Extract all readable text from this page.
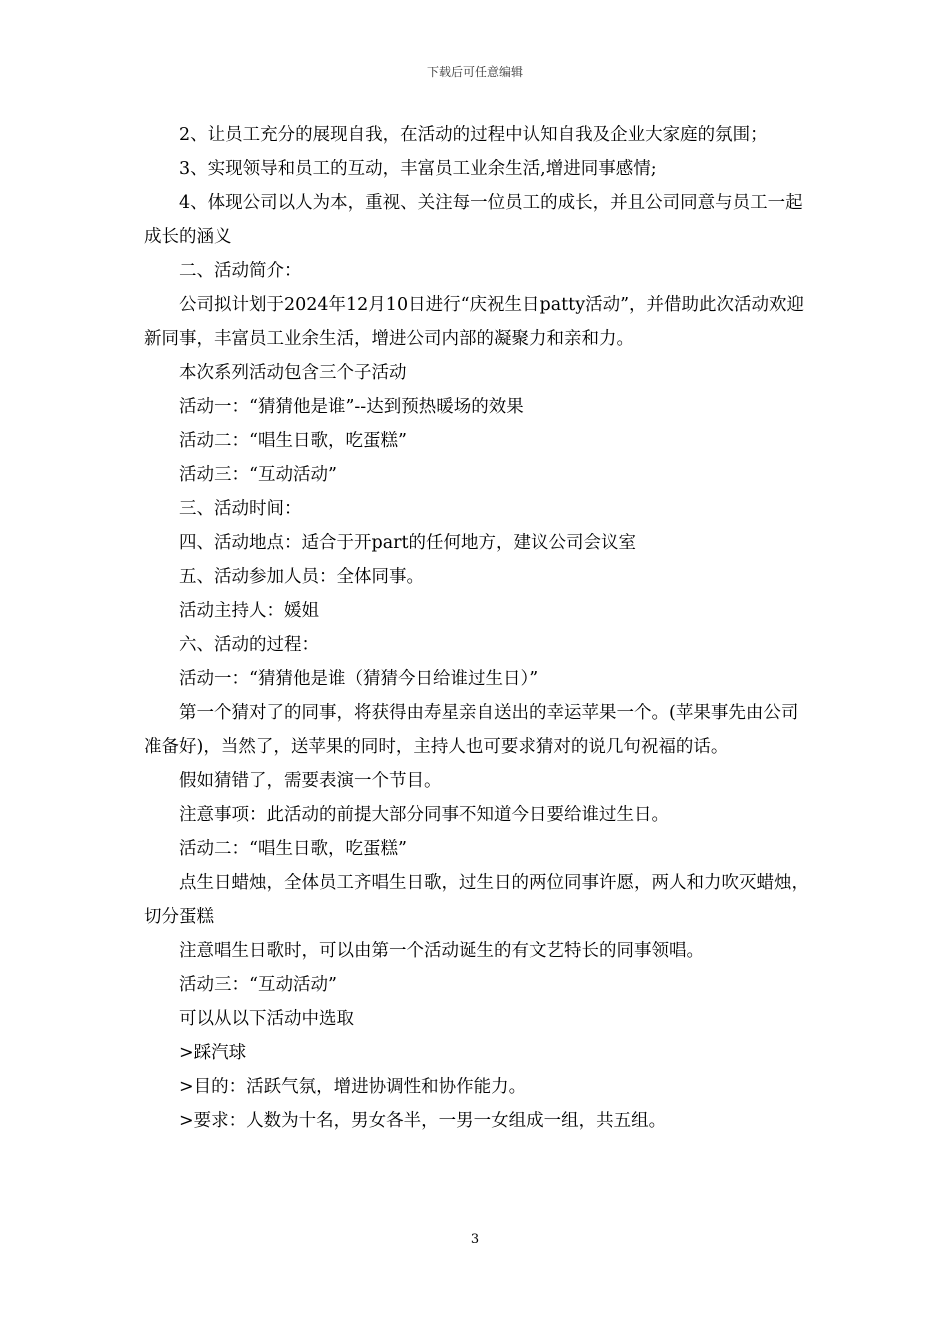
下载后可任意编辑

2、让员工充分的展现自我，在活动的过程中认知自我及企业大家庭的氛围；

3、实现领导和员工的互动，丰富员工业余生活,增进同事感情;

4、体现公司以人为本，重视、关注每一位员工的成长，并且公司同意与员工一起成长的涵义

二、活动简介：

公司拟计划于2024年12月10日进行“庆祝生日patty活动”，并借助此次活动欢迎新同事，丰富员工业余生活，增进公司内部的凝聚力和亲和力。

本次系列活动包含三个子活动

活动一：“猜猜他是谁”--达到预热暖场的效果

活动二：“唱生日歌，吃蛋糕”

活动三：“互动活动”

三、活动时间：

四、活动地点：适合于开part的任何地方，建议公司会议室

五、活动参加人员：全体同事。

活动主持人：媛姐

六、活动的过程：

活动一：“猜猜他是谁（猜猜今日给谁过生日）”

第一个猜对了的同事，将获得由寿星亲自送出的幸运苹果一个。(苹果事先由公司准备好)，当然了，送苹果的同时，主持人也可要求猜对的说几句祝福的话。

假如猜错了，需要表演一个节目。

注意事项：此活动的前提大部分同事不知道今日要给谁过生日。

活动二：“唱生日歌，吃蛋糕”

点生日蜡烛，全体员工齐唱生日歌，过生日的两位同事许愿，两人和力吹灭蜡烛，切分蛋糕

注意唱生日歌时，可以由第一个活动诞生的有文艺特长的同事领唱。

活动三：“互动活动”

可以从以下活动中选取

>踩汽球

>目的：活跃气氛，增进协调性和协作能力。

>要求：人数为十名，男女各半，一男一女组成一组，共五组。

3
